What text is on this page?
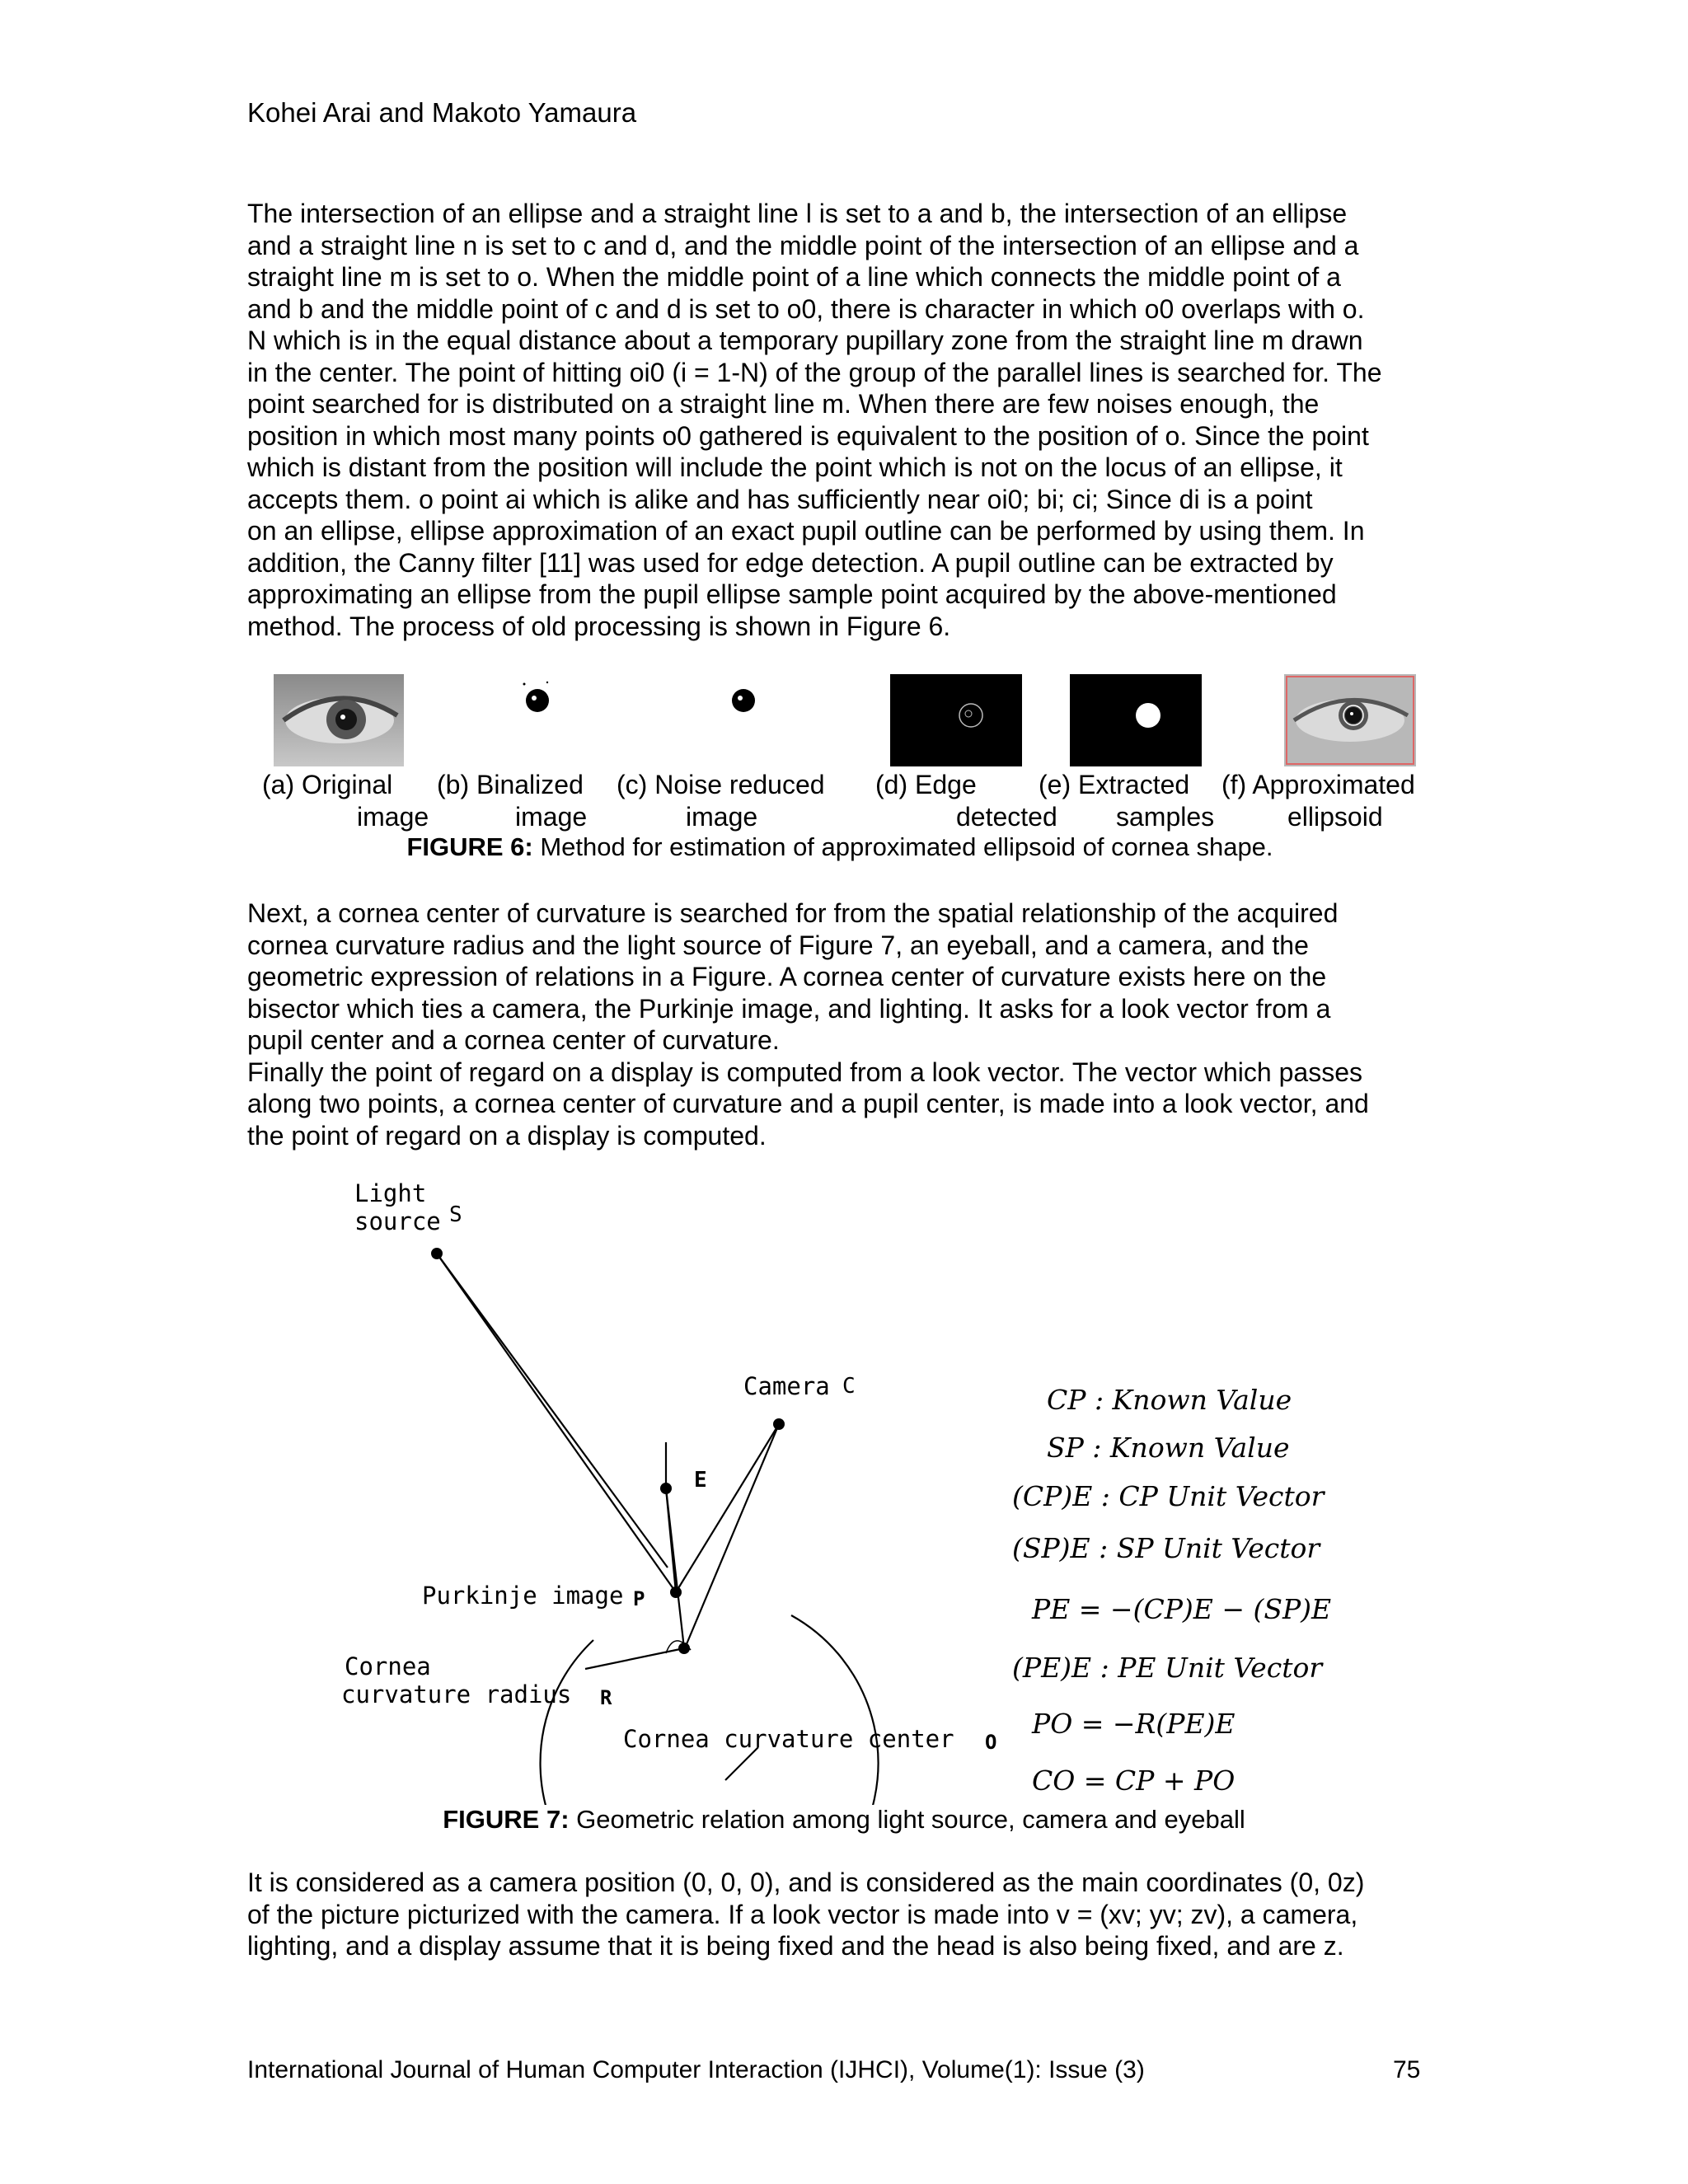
Kohei Arai and Makoto Yamaura

The intersection of an ellipse and a straight line l is set to a and b, the intersection of an ellipse

and a straight line n is set to c and d, and the middle point of the intersection of an ellipse and a

straight line m is set to o. When the middle point of a line which connects the middle point of a

and b and the middle point of c and d is set to o0, there is character in which o0 overlaps with o.

N which is in the equal distance about a temporary pupillary zone from the straight line m drawn

in the center. The point of hitting oi0 (i = 1-N) of the group of the parallel lines is searched for. The

point searched for is distributed on a straight line m. When there are few noises enough, the

position in which most many points o0 gathered is equivalent to the position of o. Since the point

which is distant from the position will include the point which is not on the locus of an ellipse, it

accepts them. o point ai which is alike and has sufficiently near oi0; bi; ci; Since di is a point

on an ellipse, ellipse approximation of an exact pupil outline can be performed by using them. In

addition, the Canny filter [11] was used for edge detection. A pupil outline can be extracted by

approximating an ellipse from the pupil ellipse sample point acquired by the above-mentioned

method. The process of old processing is shown in Figure 6.

(a) Original
image
(b) Binalized
image
(c) Noise reduced
image
(d) Edge
detected
(e) Extracted
samples
(f) Approximated
ellipsoid
FIGURE 6: Method for estimation of approximated ellipsoid of cornea shape.

Next, a cornea center of curvature is searched for from the spatial relationship of the acquired

cornea curvature radius and the light source of Figure 7, an eyeball, and a camera, and the

geometric expression of relations in a Figure. A cornea center of curvature exists here on the

bisector which ties a camera, the Purkinje image, and lighting. It asks for a look vector from a

pupil center and a cornea center of curvature.

Finally the point of regard on a display is computed from a look vector. The vector which passes

along two points, a cornea center of curvature and a pupil center, is made into a look vector, and

the point of regard on a display is computed.

Light
source S
Camera C
E
Purkinje image P
Cornea
curvature radius R
Cornea curvature center O
CP : Known Value
SP : Known Value
(CP)E : CP Unit Vector
(SP)E : SP Unit Vector
PE = −(CP)E − (SP)E
(PE)E : PE Unit Vector
PO = −R(PE)E
CO = CP + PO
FIGURE 7: Geometric relation among light source, camera and eyeball

It is considered as a camera position (0, 0, 0), and is considered as the main coordinates (0, 0z)

of the picture picturized with the camera. If a look vector is made into v = (xv; yv; zv), a camera,

lighting, and a display assume that it is being fixed and the head is also being fixed, and are z.

International Journal of Human Computer Interaction (IJHCI), Volume(1): Issue (3)	75
